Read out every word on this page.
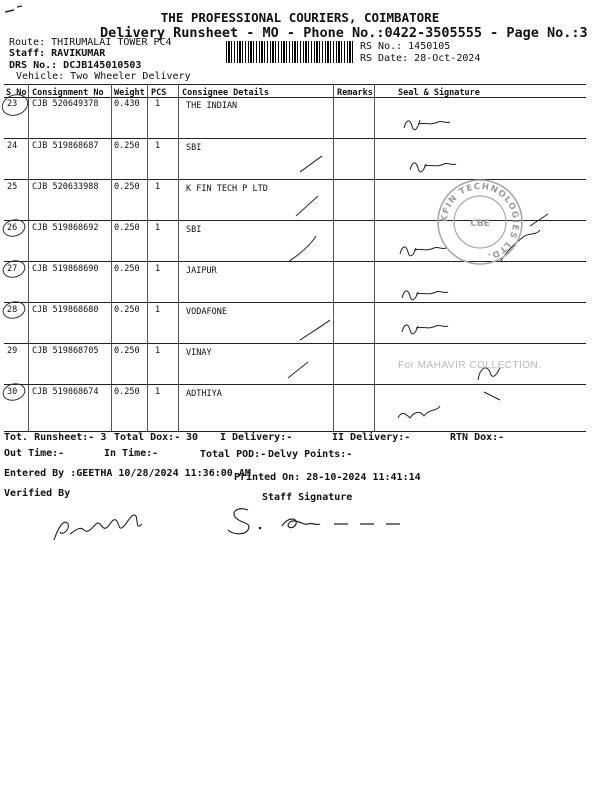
THE PROFESSIONAL COURIERS, COIMBATORE
Delivery Runsheet - MO - Phone No.:0422-3505555 - Page No.:3
Route: THIRUMALAI TOWER PC4
Staff: RAVIKUMAR
DRS No.: DCJB145010503
Vehicle: Two Wheeler Delivery
RS No.: 1450105
RS Date: 28-Oct-2024
S No Consignment No Weight PCS Consignee Details	Remarks	Seal & Signature
23 CJB 520649378 0.430 1	THE INDIAN
24 CJB 519868687 0.250 1	SBI
25 CJB 520633988 0.250 1	K FIN TECH P LTD
26 CJB 519868692 0.250 1	SBI
27 CJB 519868690 0.250 1	JAIPUR
28 CJB 519868680 0.250 1	VODAFONE
29 CJB 519868705 0.250 1	VINAY
30 CJB 519868674 0.250 1	ADTHIYA
KFIN TECHNOLOGIES LTD.
CBE
For MAHAVIR COLLECTION.
Tot. Runsheet:- 3 Total Dox:- 30 I Delivery:-	II Delivery:-	RTN Dox:-
Out Time:-	In Time:-	Total POD:- Delvy Points:-
Entered By :GEETHA 10/28/2024 11:36:00 AM
Printed On: 28-10-2024 11:41:14
Verified By	Staff Signature
